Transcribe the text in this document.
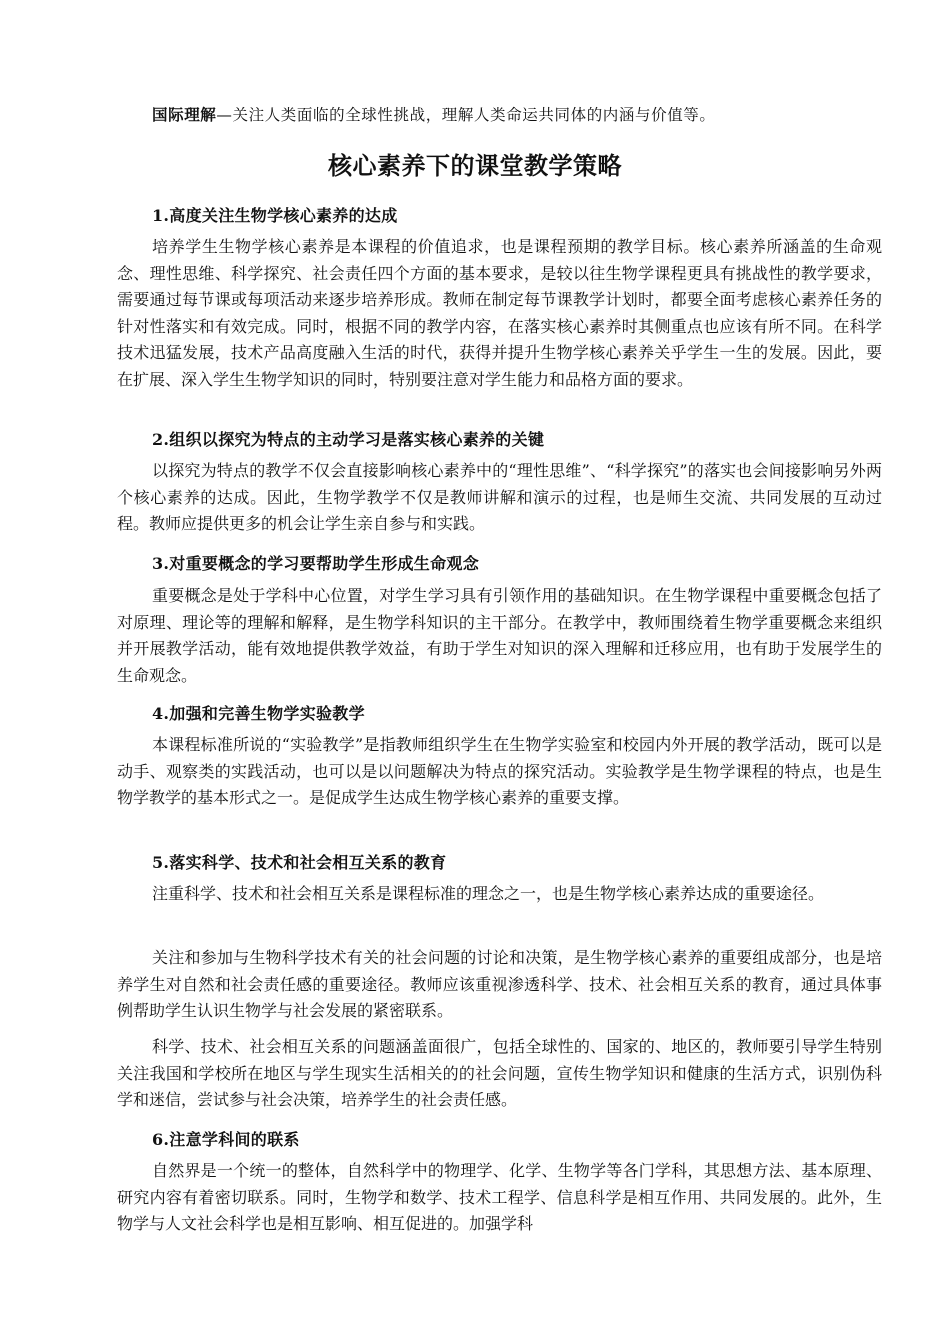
国际理解—关注人类面临的全球性挑战，理解人类命运共同体的内涵与价值等。
核心素养下的课堂教学策略
1.高度关注生物学核心素养的达成

培养学生生物学核心素养是本课程的价值追求，也是课程预期的教学目标。核心素养所涵盖的生命观念、理性思维、科学探究、社会责任四个方面的基本要求，是较以往生物学课程更具有挑战性的教学要求，需要通过每节课或每项活动来逐步培养形成。教师在制定每节课教学计划时，都要全面考虑核心素养任务的针对性落实和有效完成。同时，根据不同的教学内容，在落实核心素养时其侧重点也应该有所不同。在科学技术迅猛发展，技术产品高度融入生活的时代，获得并提升生物学核心素养关乎学生一生的发展。因此，要在扩展、深入学生生物学知识的同时，特别要注意对学生能力和品格方面的要求。

2.组织以探究为特点的主动学习是落实核心素养的关键

以探究为特点的教学不仅会直接影响核心素养中的“理性思维”、“科学探究”的落实也会间接影响另外两个核心素养的达成。因此，生物学教学不仅是教师讲解和演示的过程，也是师生交流、共同发展的互动过程。教师应提供更多的机会让学生亲自参与和实践。

3.对重要概念的学习要帮助学生形成生命观念

重要概念是处于学科中心位置，对学生学习具有引领作用的基础知识。在生物学课程中重要概念包括了对原理、理论等的理解和解释，是生物学科知识的主干部分。在教学中，教师围绕着生物学重要概念来组织并开展教学活动，能有效地提供教学效益，有助于学生对知识的深入理解和迁移应用，也有助于发展学生的生命观念。

4.加强和完善生物学实验教学

本课程标准所说的“实验教学”是指教师组织学生在生物学实验室和校园内外开展的教学活动，既可以是动手、观察类的实践活动，也可以是以问题解决为特点的探究活动。实验教学是生物学课程的特点，也是生物学教学的基本形式之一。是促成学生达成生物学核心素养的重要支撑。

5.落实科学、技术和社会相互关系的教育

注重科学、技术和社会相互关系是课程标准的理念之一，也是生物学核心素养达成的重要途径。

关注和参加与生物科学技术有关的社会问题的讨论和决策，是生物学核心素养的重要组成部分，也是培养学生对自然和社会责任感的重要途径。教师应该重视渗透科学、技术、社会相互关系的教育，通过具体事例帮助学生认识生物学与社会发展的紧密联系。

科学、技术、社会相互关系的问题涵盖面很广，包括全球性的、国家的、地区的，教师要引导学生特别关注我国和学校所在地区与学生现实生活相关的的社会问题，宣传生物学知识和健康的生活方式，识别伪科学和迷信，尝试参与社会决策，培养学生的社会责任感。

6.注意学科间的联系

自然界是一个统一的整体，自然科学中的物理学、化学、生物学等各门学科，其思想方法、基本原理、研究内容有着密切联系。同时，生物学和数学、技术工程学、信息科学是相互作用、共同发展的。此外，生物学与人文社会科学也是相互影响、相互促进的。加强学科
